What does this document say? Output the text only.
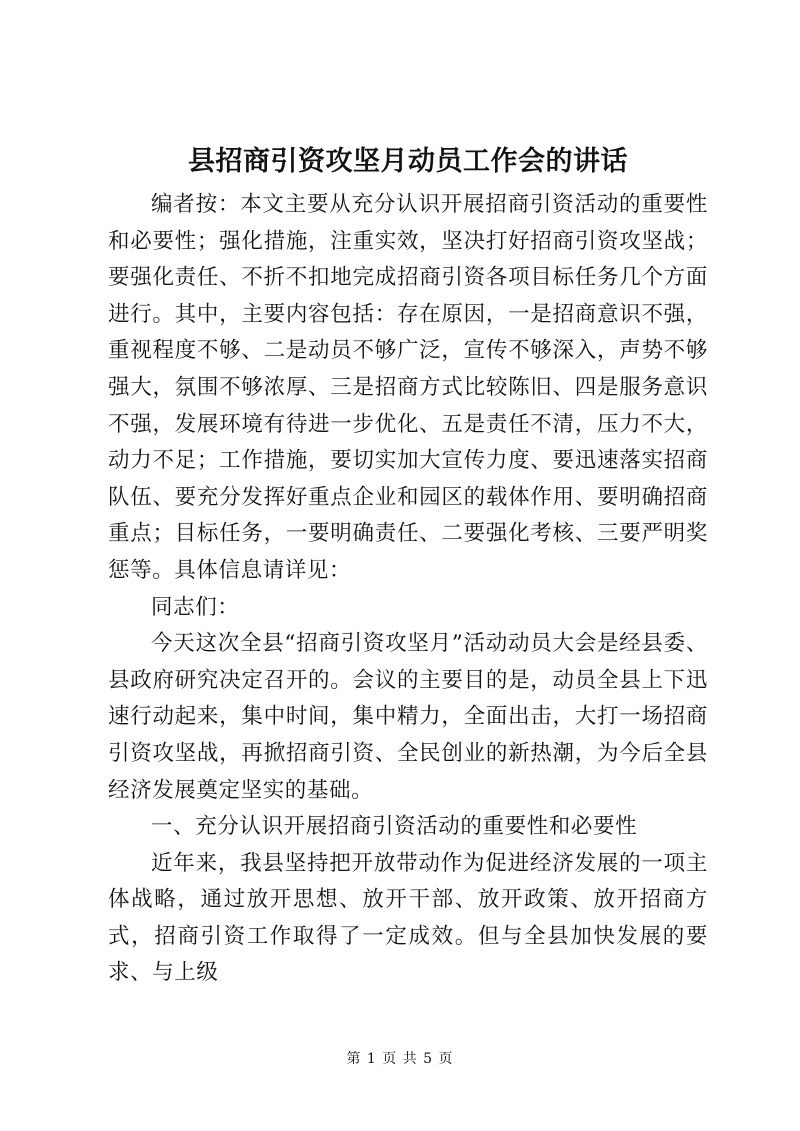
县招商引资攻坚月动员工作会的讲话

编者按：本文主要从充分认识开展招商引资活动的重要性和必要性；强化措施，注重实效，坚决打好招商引资攻坚战；要强化责任、不折不扣地完成招商引资各项目标任务几个方面进行。其中，主要内容包括：存在原因，一是招商意识不强，重视程度不够、二是动员不够广泛，宣传不够深入，声势不够强大，氛围不够浓厚、三是招商方式比较陈旧、四是服务意识不强，发展环境有待进一步优化、五是责任不清，压力不大，动力不足；工作措施，要切实加大宣传力度、要迅速落实招商队伍、要充分发挥好重点企业和园区的载体作用、要明确招商重点；目标任务，一要明确责任、二要强化考核、三要严明奖惩等。具体信息请详见：

同志们：

今天这次全县“招商引资攻坚月”活动动员大会是经县委、县政府研究决定召开的。会议的主要目的是，动员全县上下迅速行动起来，集中时间，集中精力，全面出击，大打一场招商引资攻坚战，再掀招商引资、全民创业的新热潮，为今后全县经济发展奠定坚实的基础。

一、充分认识开展招商引资活动的重要性和必要性

近年来，我县坚持把开放带动作为促进经济发展的一项主体战略，通过放开思想、放开干部、放开政策、放开招商方式，招商引资工作取得了一定成效。但与全县加快发展的要求、与上级

第 1 页 共 5 页
